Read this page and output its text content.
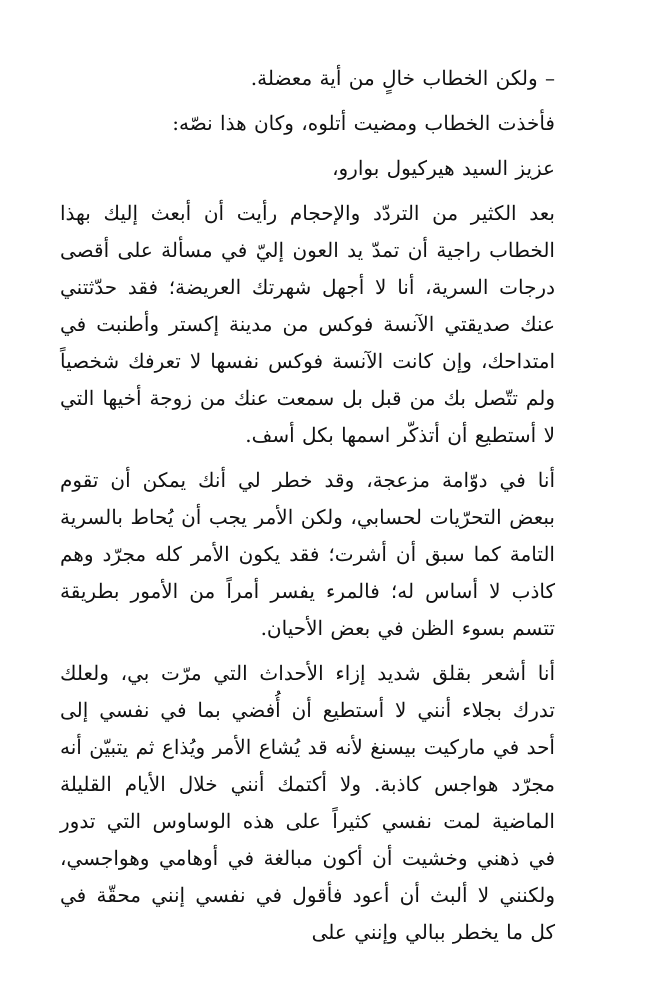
– ولكن الخطاب خالٍ من أية معضلة.

فأخذت الخطاب ومضيت أتلوه، وكان هذا نصّه:

عزيز السيد هيركيول بوارو،

بعد الكثير من التردّد والإحجام رأيت أن أبعث إليك بهذا الخطاب راجية أن تمدّ يد العون إليّ في مسألة على أقصى درجات السرية، أنا لا أجهل شهرتك العريضة؛ فقد حدّثتني عنك صديقتي الآنسة فوكس من مدينة إكستر وأطنبت في امتداحك، وإن كانت الآنسة فوكس نفسها لا تعرفك شخصياً ولم تتّصل بك من قبل بل سمعت عنك من زوجة أخيها التي لا أستطيع أن أتذكّر اسمها بكل أسف.

أنا في دوّامة مزعجة، وقد خطر لي أنك يمكن أن تقوم ببعض التحرّيات لحسابي، ولكن الأمر يجب أن يُحاط بالسرية التامة كما سبق أن أشرت؛ فقد يكون الأمر كله مجرّد وهم كاذب لا أساس له؛ فالمرء يفسر أمراً من الأمور بطريقة تتسم بسوء الظن في بعض الأحيان.

أنا أشعر بقلق شديد إزاء الأحداث التي مرّت بي، ولعلك تدرك بجلاء أنني لا أستطيع أن أُفضي بما في نفسي إلى أحد في ماركيت بيسنغ لأنه قد يُشاع الأمر ويُذاع ثم يتبيّن أنه مجرّد هواجس كاذبة. ولا أكتمك أنني خلال الأيام القليلة الماضية لمت نفسي كثيراً على هذه الوساوس التي تدور في ذهني وخشيت أن أكون مبالغة في أوهامي وهواجسي، ولكنني لا ألبث أن أعود فأقول في نفسي إنني محقّة في كل ما يخطر ببالي وإنني على
